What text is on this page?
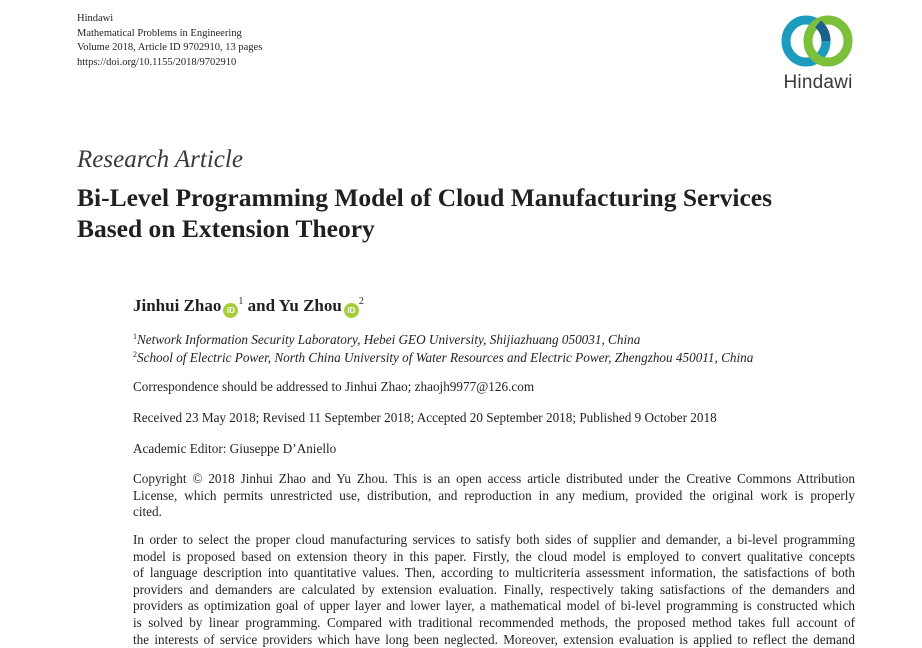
Hindawi
Mathematical Problems in Engineering
Volume 2018, Article ID 9702910, 13 pages
https://doi.org/10.1155/2018/9702910
Hindawi
Research Article
Bi-Level Programming Model of Cloud Manufacturing Services
Based on Extension Theory
Jinhui Zhao $iD^1$ and Yu Zhou $iD^2$
$^1$Network Information Security Laboratory, Hebei GEO University, Shijiazhuang 050031, China
$^2$School of Electric Power, North China University of Water Resources and Electric Power, Zhengzhou 450011, China
Correspondence should be addressed to Jinhui Zhao; zhaojh9977@126.com
Received 23 May 2018; Revised 11 September 2018; Accepted 20 September 2018; Published 9 October 2018
Academic Editor: Giuseppe D’Aniello
Copyright © 2018 Jinhui Zhao and Yu Zhou. This is an open access article distributed under the Creative Commons Attribution
License, which permits unrestricted use, distribution, and reproduction in any medium, provided the original work is properly
cited.
In order to select the proper cloud manufacturing services to satisfy both sides of supplier and demander, a bi-level programming
model is proposed based on extension theory in this paper. Firstly, the cloud model is employed to convert qualitative concepts
of language description into quantitative values. Then, according to multicriteria assessment information, the satisfactions of both
providers and demanders are calculated by extension evaluation. Finally, respectively taking satisfactions of the demanders and
providers as optimization goal of upper layer and lower layer, a mathematical model of bi-level programming is constructed which
is solved by linear programming. Compared with traditional recommended methods, the proposed method takes full account of
the interests of service providers which have long been neglected. Moreover, extension evaluation is applied to reflect the demand
